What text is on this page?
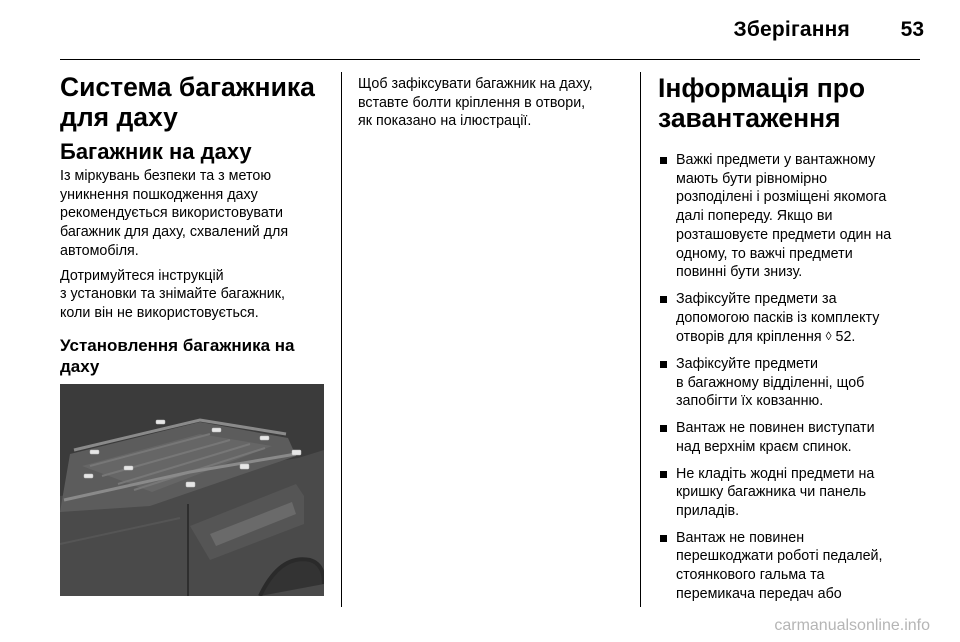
Зберігання	53
Система багажника
для даху
Багажник на даху

Із міркувань безпеки та з метою
уникнення пошкодження даху
рекомендується використовувати
багажник для даху, схвалений для
автомобіля.

Дотримуйтеся інструкцій
з установки та знімайте багажник,
коли він не використовується.

Установлення багажника на
даху

Щоб зафіксувати багажник на даху,
вставте болти кріплення в отвори,
як показано на ілюстрації.

Інформація про
завантаження
Важкі предмети у вантажному
мають бути рівномірно
розподілені і розміщені якомога
далі попереду. Якщо ви
розташовуєте предмети один на
одному, то важчі предмети
повинні бути знизу.
Зафіксуйте предмети за
допомогою пасків із комплекту
отворів для кріплення ◊ 52.
Зафіксуйте предмети
в багажному відділенні, щоб
запобігти їх ковзанню.
Вантаж не повинен виступати
над верхнім краєм спинок.
Не кладіть жодні предмети на
кришку багажника чи панель
приладів.
Вантаж не повинен
перешкоджати роботі педалей,
стоянкового гальма та
перемикача передач або
carmanualsonline.info
